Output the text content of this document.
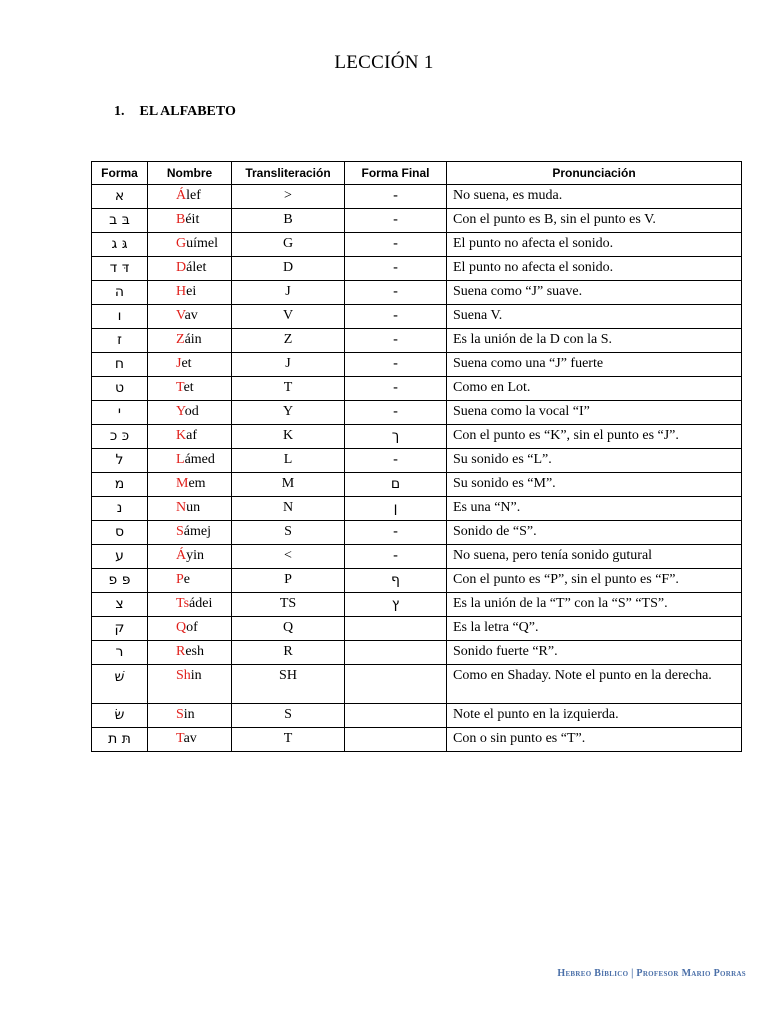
LECCIÓN 1
1. EL ALFABETO
Forma	Nombre	Transliteración	Forma Final	Pronunciación
א	Álef	>	-	No suena, es muda.
בּ ב	Béit	B	-	Con el punto es B, sin el punto es V.
גּ ג	Guímel	G	-	El punto no afecta el sonido.
דּ ד	Dálet	D	-	El punto no afecta el sonido.
ה	Hei	J	-	Suena como “J” suave.
ו	Vav	V	-	Suena V.
ז	Záin	Z	-	Es la unión de la D con la S.
ח	Jet	J	-	Suena como una “J” fuerte
ט	Tet	T	-	Como en Lot.
י	Yod	Y	-	Suena como la vocal “I”
כּ כ	Kaf	K	ך	Con el punto es “K”, sin el punto es “J”.
ל	Lámed	L	-	Su sonido es “L”.
מ	Mem	M	ם	Su sonido es “M”.
נ	Nun	N	ן	Es una “N”.
ס	Sámej	S	-	Sonido de “S”.
ע	Áyin	<	-	No suena, pero tenía sonido gutural
פּ פ	Pe	P	ף	Con el punto es “P”, sin el punto es “F”.
צ	Tsádei	TS	ץ	Es la unión de la “T” con la “S” “TS”.
ק	Qof	Q		Es la letra “Q”.
ר	Resh	R		Sonido fuerte “R”.
שׁ	Shin	SH		Como en Shaday. Note el punto en la derecha.
שׂ	Sin	S		Note el punto en la izquierda.
תּ ת	Tav	T		Con o sin punto es “T”.
Hebreo Bíblico | Profesor Mario Porras
